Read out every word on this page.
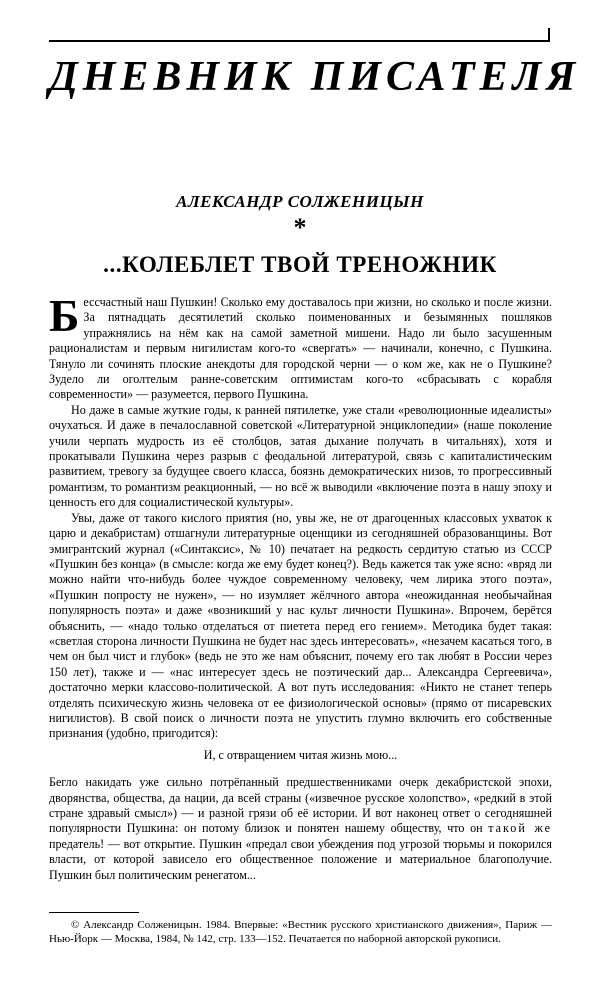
ДНЕВНИК ПИСАТЕЛЯ
АЛЕКСАНДР СОЛЖЕНИЦЫН
*
...КОЛЕБЛЕТ ТВОЙ ТРЕНОЖНИК

Бессчастный наш Пушкин! Сколько ему доставалось при жизни, но сколько и после жизни. За пятнадцать десятилетий сколько поименованных и безымянных пошляков упражнялись на нём как на самой заметной мишени. Надо ли было засушенным рационалистам и первым нигилистам кого-то «свергать» — начинали, конечно, с Пушкина. Тянуло ли сочинять плоские анекдоты для городской черни — о ком же, как не о Пушкине? Зудело ли оголтелым ранне-советским оптимистам кого-то «сбрасывать с корабля современности» — разумеется, первого Пушкина.

Но даже в самые жуткие годы, к ранней пятилетке, уже стали «революционные идеалисты» очухаться. И даже в печалославной советской «Литературной энциклопедии» (наше поколение учили черпать мудрость из её столбцов, затая дыхание получать в читальнях), хотя и прокатывали Пушкина через разрыв с феодальной литературой, связь с капиталистическим развитием, тревогу за будущее своего класса, боязнь демократических низов, то прогрессивный романтизм, то романтизм реакционный, — но всё ж выводили «включение поэта в нашу эпоху и ценность его для социалистической культуры».

Увы, даже от такого кислого приятия (но, увы же, не от драгоценных классовых ухваток к царю и декабристам) отшагнули литературные оценщики из сегодняшней образованщины. Вот эмигрантский журнал («Синтаксис», № 10) печатает на редкость сердитую статью из СССР «Пушкин без конца» (в смысле: когда же ему будет конец?). Ведь кажется так уже ясно: «вряд ли можно найти что-нибудь более чуждое современному человеку, чем лирика этого поэта», «Пушкин попросту не нужен», — но изумляет жёлчного автора «неожиданная необычайная популярность поэта» и даже «возникший у нас культ личности Пушкина». Впрочем, берётся объяснить, — «надо только отделаться от пиетета перед его гением». Методика будет такая: «светлая сторона личности Пушкина не будет нас здесь интересовать», «незачем касаться того, в чем он был чист и глубок» (ведь не это же нам объяснит, почему его так любят в России через 150 лет), также и — «нас интересует здесь не поэтический дар... Александра Сергеевича», достаточно мерки классово-политической. А вот путь исследования: «Никто не станет теперь отделять психическую жизнь человека от ее физиологической основы» (прямо от писаревских нигилистов). В свой поиск о личности поэта не упустить глумно включить его собственные признания (удобно, пригодится):

И, с отвращением читая жизнь мою...

Бегло накидать уже сильно потрёпанный предшественниками очерк декабристской эпохи, дворянства, общества, да нации, да всей страны («извечное русское холопство», «редкий в этой стране здравый смысл») — и разной грязи об её истории. И вот наконец ответ о сегодняшней популярности Пушкина: он потому близок и понятен нашему обществу, что он такой же предатель! — вот открытие. Пушкин «предал свои убеждения под угрозой тюрьмы и покорился власти, от которой зависело его общественное положение и материальное благополучие. Пушкин был политическим ренегатом...

© Александр Солженицын. 1984. Впервые: «Вестник русского христианского движения», Париж — Нью-Йорк — Москва, 1984, № 142, стр. 133—152. Печатается по наборной авторской рукописи.
